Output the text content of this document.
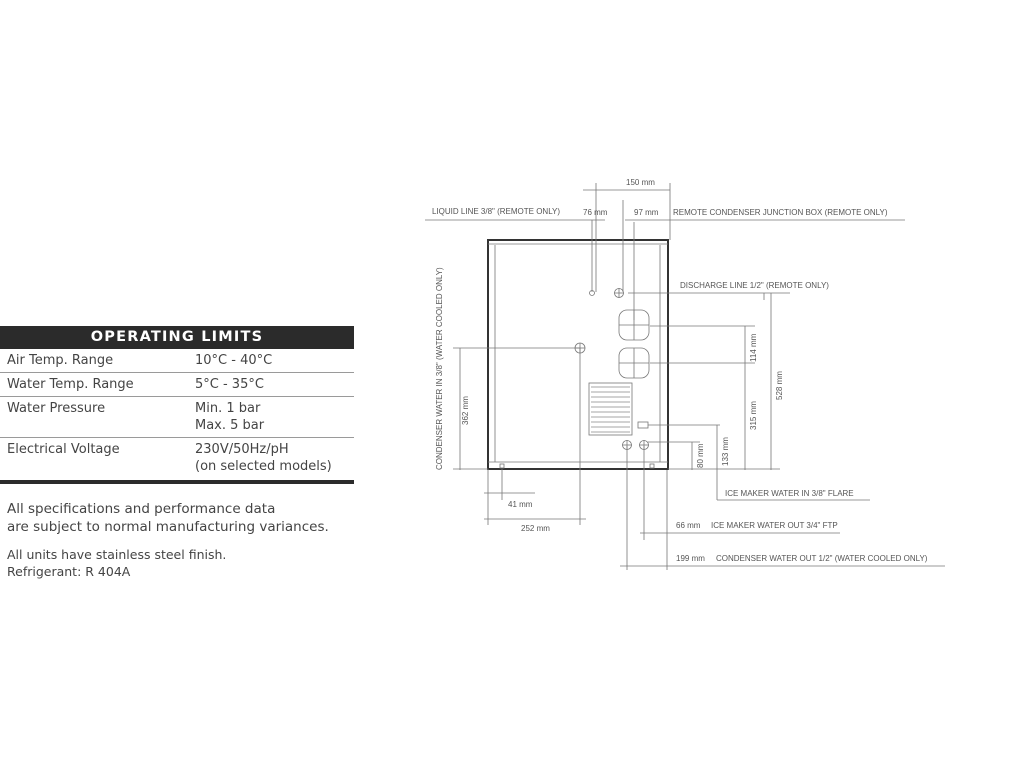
OPERATING LIMITS
Air Temp. Range	10°C - 40°C
Water Temp. Range	5°C - 35°C
Water Pressure	Min. 1 bar
Max. 5 bar
Electrical Voltage	230V/50Hz/pH
(on selected models)
All specifications and performance data
are subject to normal manufacturing variances.
All units have stainless steel finish.
Refrigerant: R 404A
150 mm
LIQUID LINE 3/8" (REMOTE ONLY)	76 mm	97 mm REMOTE CONDENSER JUNCTION BOX (REMOTE ONLY)
DISCHARGE LINE 1/2" (REMOTE ONLY)
ICE MAKER WATER IN 3/8" FLARE
66 mm ICE MAKER WATER OUT 3/4" FTP
199 mm CONDENSER WATER OUT 1/2" (WATER COOLED ONLY)
41 mm
252 mm
CONDENSER WATER IN 3/8" (WATER COOLED ONLY) 362 mm
114 mm
315 mm
528 mm
133 mm
80 mm
